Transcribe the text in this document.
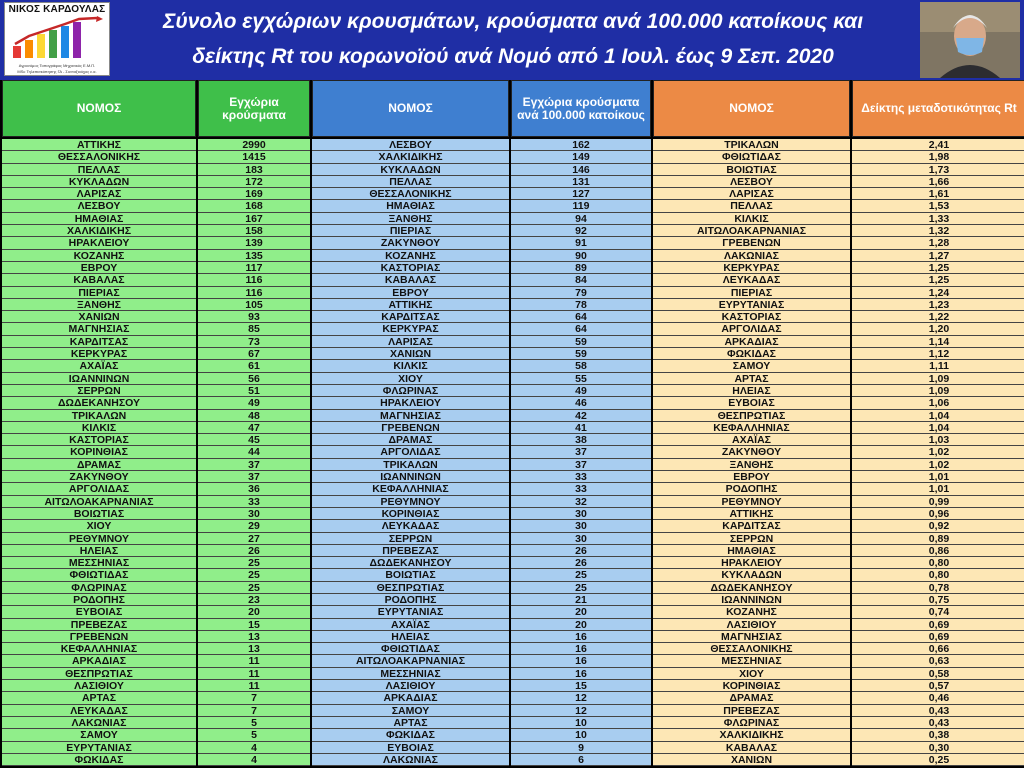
ΝΙΚΟΣ ΚΑΡΔΟΥΛΑΣ
Αγρονόμος Τοπογράφος Μηχανικός Ε.Μ.Π.
MSc Τηλεπισκόπησης ΓΑ - Συνταξιούχος ε.α.
Σύνολο εγχώριων κρουσμάτων, κρούσματα ανά 100.000 κατοίκους και
δείκτης Rt του κορωνοϊού ανά Νομό από 1 Ιουλ. έως 9 Σεπ. 2020
ΝΟΜΟΣ
ΑΤΤΙΚΗΣ
ΘΕΣΣΑΛΟΝΙΚΗΣ
ΠΕΛΛΑΣ
ΚΥΚΛΑΔΩΝ
ΛΑΡΙΣΑΣ
ΛΕΣΒΟΥ
ΗΜΑΘΙΑΣ
ΧΑΛΚΙΔΙΚΗΣ
ΗΡΑΚΛΕΙΟΥ
ΚΟΖΑΝΗΣ
ΕΒΡΟΥ
ΚΑΒΑΛΑΣ
ΠΙΕΡΙΑΣ
ΞΑΝΘΗΣ
ΧΑΝΙΩΝ
ΜΑΓΝΗΣΙΑΣ
ΚΑΡΔΙΤΣΑΣ
ΚΕΡΚΥΡΑΣ
ΑΧΑΪΑΣ
ΙΩΑΝΝΙΝΩΝ
ΣΕΡΡΩΝ
ΔΩΔΕΚΑΝΗΣΟΥ
ΤΡΙΚΑΛΩΝ
ΚΙΛΚΙΣ
ΚΑΣΤΟΡΙΑΣ
ΚΟΡΙΝΘΙΑΣ
ΔΡΑΜΑΣ
ΖΑΚΥΝΘΟΥ
ΑΡΓΟΛΙΔΑΣ
ΑΙΤΩΛΟΑΚΑΡΝΑΝΙΑΣ
ΒΟΙΩΤΙΑΣ
ΧΙΟΥ
ΡΕΘΥΜΝΟΥ
ΗΛΕΙΑΣ
ΜΕΣΣΗΝΙΑΣ
ΦΘΙΩΤΙΔΑΣ
ΦΛΩΡΙΝΑΣ
ΡΟΔΟΠΗΣ
ΕΥΒΟΙΑΣ
ΠΡΕΒΕΖΑΣ
ΓΡΕΒΕΝΩΝ
ΚΕΦΑΛΛΗΝΙΑΣ
ΑΡΚΑΔΙΑΣ
ΘΕΣΠΡΩΤΙΑΣ
ΛΑΣΙΘΙΟΥ
ΑΡΤΑΣ
ΛΕΥΚΑΔΑΣ
ΛΑΚΩΝΙΑΣ
ΣΑΜΟΥ
ΕΥΡΥΤΑΝΙΑΣ
ΦΩΚΙΔΑΣ
Εγχώρια κρούσματα
2990
1415
183
172
169
168
167
158
139
135
117
116
116
105
93
85
73
67
61
56
51
49
48
47
45
44
37
37
36
33
30
29
27
26
25
25
25
23
20
15
13
13
11
11
11
7
7
5
5
4
4
ΝΟΜΟΣ
ΛΕΣΒΟΥ
ΧΑΛΚΙΔΙΚΗΣ
ΚΥΚΛΑΔΩΝ
ΠΕΛΛΑΣ
ΘΕΣΣΑΛΟΝΙΚΗΣ
ΗΜΑΘΙΑΣ
ΞΑΝΘΗΣ
ΠΙΕΡΙΑΣ
ΖΑΚΥΝΘΟΥ
ΚΟΖΑΝΗΣ
ΚΑΣΤΟΡΙΑΣ
ΚΑΒΑΛΑΣ
ΕΒΡΟΥ
ΑΤΤΙΚΗΣ
ΚΑΡΔΙΤΣΑΣ
ΚΕΡΚΥΡΑΣ
ΛΑΡΙΣΑΣ
ΧΑΝΙΩΝ
ΚΙΛΚΙΣ
ΧΙΟΥ
ΦΛΩΡΙΝΑΣ
ΗΡΑΚΛΕΙΟΥ
ΜΑΓΝΗΣΙΑΣ
ΓΡΕΒΕΝΩΝ
ΔΡΑΜΑΣ
ΑΡΓΟΛΙΔΑΣ
ΤΡΙΚΑΛΩΝ
ΙΩΑΝΝΙΝΩΝ
ΚΕΦΑΛΛΗΝΙΑΣ
ΡΕΘΥΜΝΟΥ
ΚΟΡΙΝΘΙΑΣ
ΛΕΥΚΑΔΑΣ
ΣΕΡΡΩΝ
ΠΡΕΒΕΖΑΣ
ΔΩΔΕΚΑΝΗΣΟΥ
ΒΟΙΩΤΙΑΣ
ΘΕΣΠΡΩΤΙΑΣ
ΡΟΔΟΠΗΣ
ΕΥΡΥΤΑΝΙΑΣ
ΑΧΑΪΑΣ
ΗΛΕΙΑΣ
ΦΘΙΩΤΙΔΑΣ
ΑΙΤΩΛΟΑΚΑΡΝΑΝΙΑΣ
ΜΕΣΣΗΝΙΑΣ
ΛΑΣΙΘΙΟΥ
ΑΡΚΑΔΙΑΣ
ΣΑΜΟΥ
ΑΡΤΑΣ
ΦΩΚΙΔΑΣ
ΕΥΒΟΙΑΣ
ΛΑΚΩΝΙΑΣ
Εγχώρια κρούσματα ανά 100.000 κατοίκους
162
149
146
131
127
119
94
92
91
90
89
84
79
78
64
64
59
59
58
55
49
46
42
41
38
37
37
33
33
32
30
30
30
26
26
25
25
21
20
20
16
16
16
16
15
12
12
10
10
9
6
ΝΟΜΟΣ
ΤΡΙΚΑΛΩΝ
ΦΘΙΩΤΙΔΑΣ
ΒΟΙΩΤΙΑΣ
ΛΕΣΒΟΥ
ΛΑΡΙΣΑΣ
ΠΕΛΛΑΣ
ΚΙΛΚΙΣ
ΑΙΤΩΛΟΑΚΑΡΝΑΝΙΑΣ
ΓΡΕΒΕΝΩΝ
ΛΑΚΩΝΙΑΣ
ΚΕΡΚΥΡΑΣ
ΛΕΥΚΑΔΑΣ
ΠΙΕΡΙΑΣ
ΕΥΡΥΤΑΝΙΑΣ
ΚΑΣΤΟΡΙΑΣ
ΑΡΓΟΛΙΔΑΣ
ΑΡΚΑΔΙΑΣ
ΦΩΚΙΔΑΣ
ΣΑΜΟΥ
ΑΡΤΑΣ
ΗΛΕΙΑΣ
ΕΥΒΟΙΑΣ
ΘΕΣΠΡΩΤΙΑΣ
ΚΕΦΑΛΛΗΝΙΑΣ
ΑΧΑΪΑΣ
ΖΑΚΥΝΘΟΥ
ΞΑΝΘΗΣ
ΕΒΡΟΥ
ΡΟΔΟΠΗΣ
ΡΕΘΥΜΝΟΥ
ΑΤΤΙΚΗΣ
ΚΑΡΔΙΤΣΑΣ
ΣΕΡΡΩΝ
ΗΜΑΘΙΑΣ
ΗΡΑΚΛΕΙΟΥ
ΚΥΚΛΑΔΩΝ
ΔΩΔΕΚΑΝΗΣΟΥ
ΙΩΑΝΝΙΝΩΝ
ΚΟΖΑΝΗΣ
ΛΑΣΙΘΙΟΥ
ΜΑΓΝΗΣΙΑΣ
ΘΕΣΣΑΛΟΝΙΚΗΣ
ΜΕΣΣΗΝΙΑΣ
ΧΙΟΥ
ΚΟΡΙΝΘΙΑΣ
ΔΡΑΜΑΣ
ΠΡΕΒΕΖΑΣ
ΦΛΩΡΙΝΑΣ
ΧΑΛΚΙΔΙΚΗΣ
ΚΑΒΑΛΑΣ
ΧΑΝΙΩΝ
Δείκτης μεταδοτικότητας Rt
2,41
1,98
1,73
1,66
1,61
1,53
1,33
1,32
1,28
1,27
1,25
1,25
1,24
1,23
1,22
1,20
1,14
1,12
1,11
1,09
1,09
1,06
1,04
1,04
1,03
1,02
1,02
1,01
1,01
0,99
0,96
0,92
0,89
0,86
0,80
0,80
0,78
0,75
0,74
0,69
0,69
0,66
0,63
0,58
0,57
0,46
0,43
0,43
0,38
0,30
0,25
